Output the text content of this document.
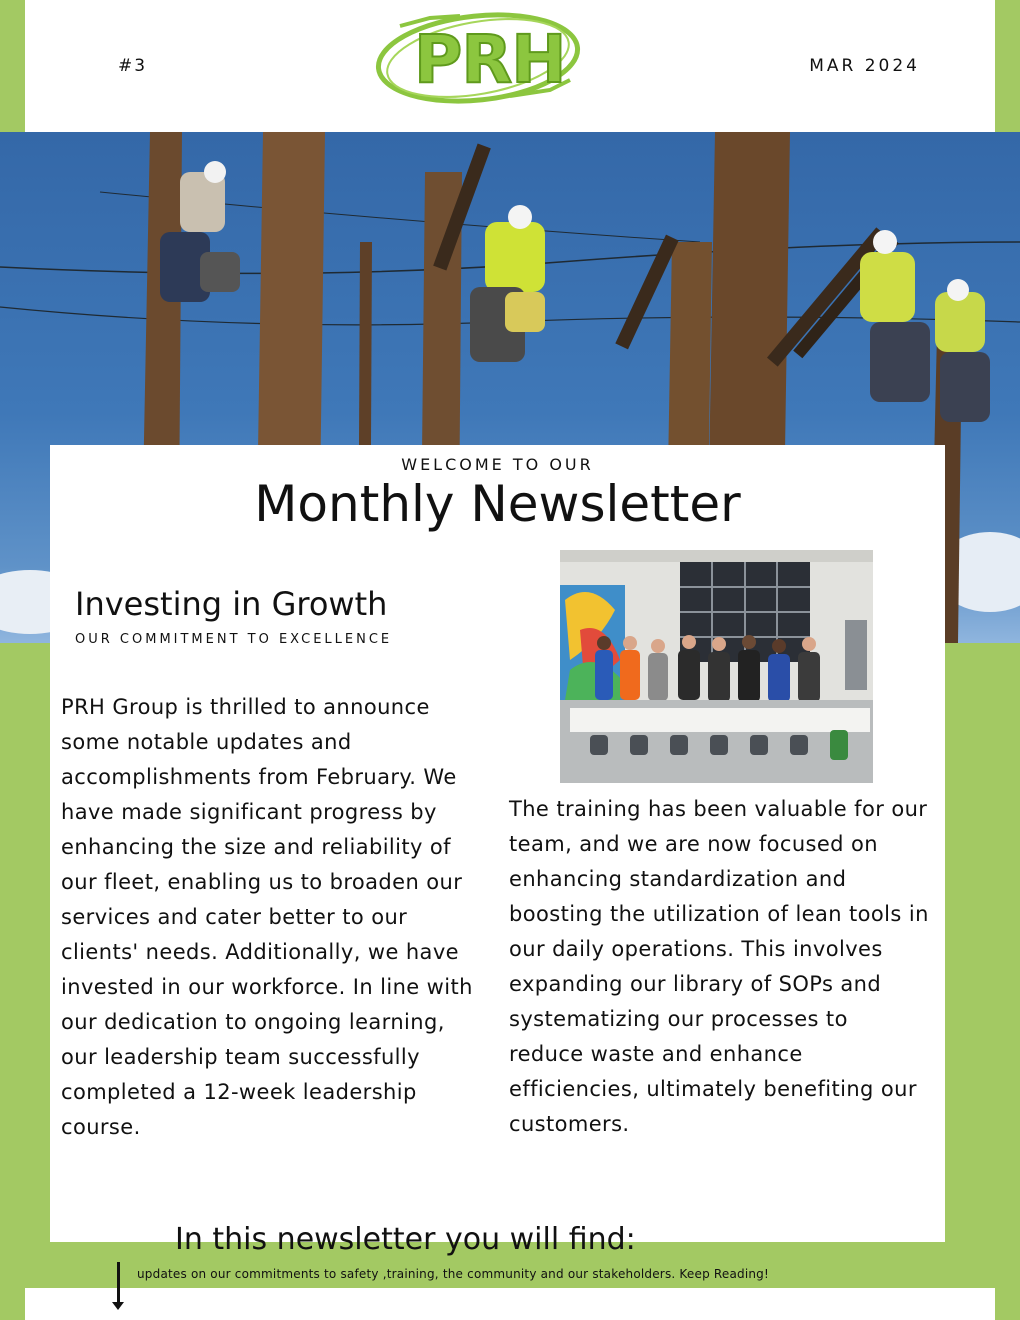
#3	PRH	MAR 2024
WELCOME TO OUR
Monthly Newsletter
Investing in Growth
OUR COMMITMENT TO EXCELLENCE
PRH Group is thrilled to announce some notable updates and accomplishments from February. We have made significant progress by enhancing the size and reliability of our fleet, enabling us to broaden our services and cater better to our clients' needs. Additionally, we have invested in our workforce. In line with our dedication to ongoing learning, our leadership team successfully completed a 12-week leadership course.
The training has been valuable for our team, and we are now focused on enhancing standardization and boosting the utilization of lean tools in our daily operations. This involves expanding our library of SOPs and systematizing our processes to reduce waste and enhance efficiencies, ultimately benefiting our customers.
In this newsletter you will find:
updates on our commitments to safety ,training, the community and our stakeholders. Keep Reading!
